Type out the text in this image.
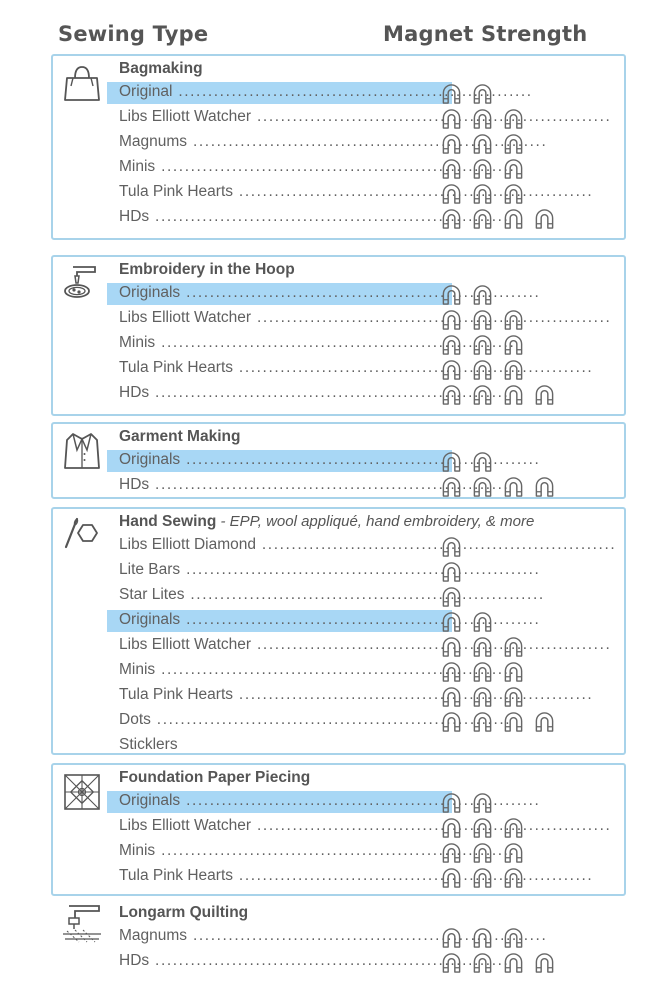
Sewing Type	Magnet Strength
Bagmaking
Original ............................................................
Libs Elliott Watcher ............................................................
Magnums ............................................................
Minis ............................................................
Tula Pink Hearts ............................................................
HDs ............................................................
Embroidery in the Hoop
Originals ............................................................
Libs Elliott Watcher ............................................................
Minis ............................................................
Tula Pink Hearts ............................................................
HDs ............................................................
Garment Making
Originals ............................................................
HDs ............................................................
Hand Sewing - EPP, wool appliqué, hand embroidery, & more
Libs Elliott Diamond ............................................................
Lite Bars ............................................................
Star Lites ............................................................
Originals ............................................................
Libs Elliott Watcher ............................................................
Minis ............................................................
Tula Pink Hearts ............................................................
Dots ............................................................
Sticklers
Foundation Paper Piecing
Originals ............................................................
Libs Elliott Watcher ............................................................
Minis ............................................................
Tula Pink Hearts ............................................................
Longarm Quilting
Magnums ............................................................
HDs ............................................................
